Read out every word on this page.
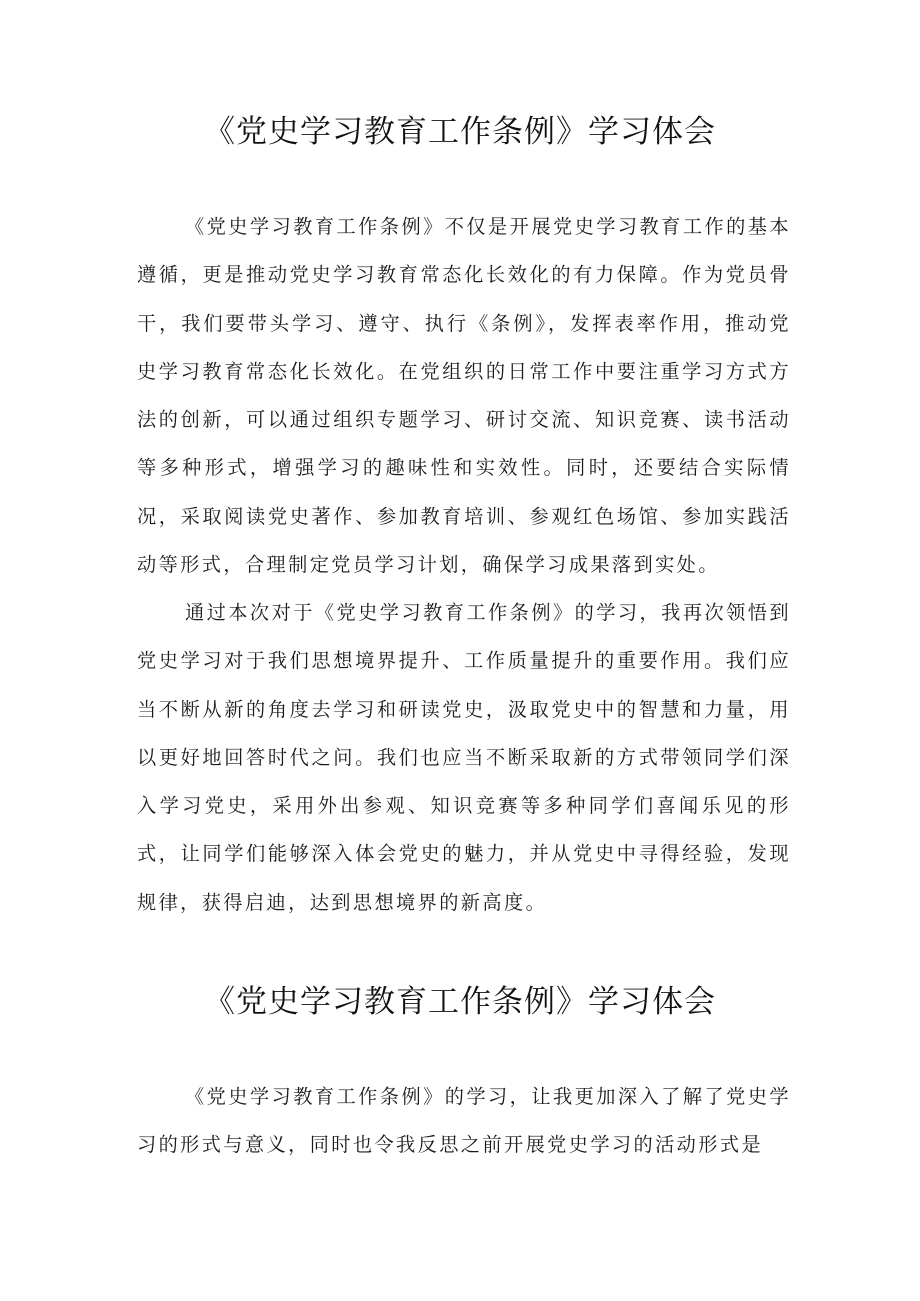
《党史学习教育工作条例》学习体会

《党史学习教育工作条例》不仅是开展党史学习教育工作的基本遵循，更是推动党史学习教育常态化长效化的有力保障。作为党员骨干，我们要带头学习、遵守、执行《条例》，发挥表率作用，推动党史学习教育常态化长效化。在党组织的日常工作中要注重学习方式方法的创新，可以通过组织专题学习、研讨交流、知识竞赛、读书活动等多种形式，增强学习的趣味性和实效性。同时，还要结合实际情况，采取阅读党史著作、参加教育培训、参观红色场馆、参加实践活动等形式，合理制定党员学习计划，确保学习成果落到实处。

通过本次对于《党史学习教育工作条例》的学习，我再次领悟到党史学习对于我们思想境界提升、工作质量提升的重要作用。我们应当不断从新的角度去学习和研读党史，汲取党史中的智慧和力量，用以更好地回答时代之问。我们也应当不断采取新的方式带领同学们深入学习党史，采用外出参观、知识竞赛等多种同学们喜闻乐见的形式，让同学们能够深入体会党史的魅力，并从党史中寻得经验，发现规律，获得启迪，达到思想境界的新高度。

《党史学习教育工作条例》学习体会

《党史学习教育工作条例》的学习，让我更加深入了解了党史学习的形式与意义，同时也令我反思之前开展党史学习的活动形式是
